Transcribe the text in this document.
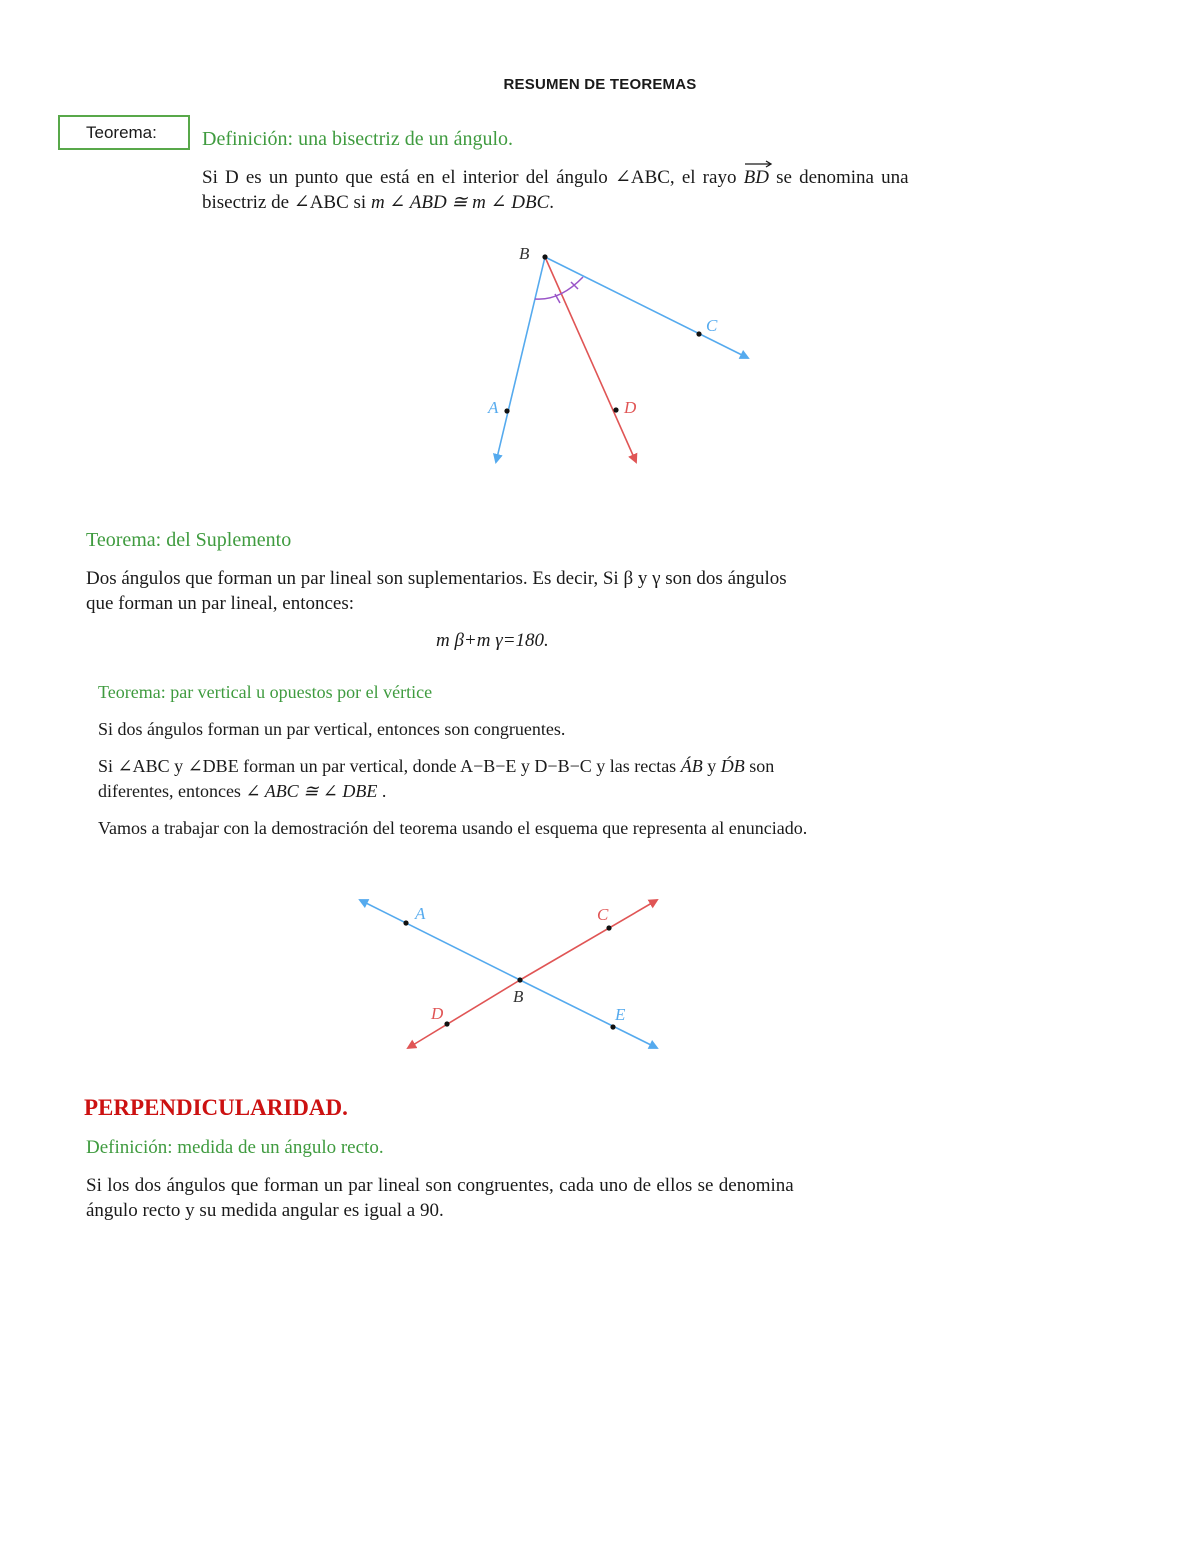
RESUMEN DE TEOREMAS
Teorema:	Definición: una bisectriz de un ángulo.
Si D es un punto que está en el interior del ángulo ∠ABC, el rayo BD
se denomina una
bisectriz de ∠ABC si m ∠ ABD ≅ m ∠ DBC.
B
C
A	D
Teorema: del Suplemento
Dos ángulos que forman un par lineal son suplementarios. Es decir, Si β y γ son dos ángulos
que forman un par lineal, entonces:
m β+m γ=180.
Teorema: par vertical u opuestos por el vértice
Si dos ángulos forman un par vertical, entonces son congruentes.
Si ∠ABC y ∠DBE forman un par vertical, donde A−B−E y D−B−C y las rectas ÁB y D́B son
diferentes, entonces ∠ ABC ≅ ∠ DBE .
Vamos a trabajar con la demostración del teorema usando el esquema que representa al enunciado.
A	C
B
D	E
PERPENDICULARIDAD.
Definición: medida de un ángulo recto.
Si los dos ángulos que forman un par lineal son congruentes, cada uno de ellos se denomina
ángulo recto y su medida angular es igual a 90.
